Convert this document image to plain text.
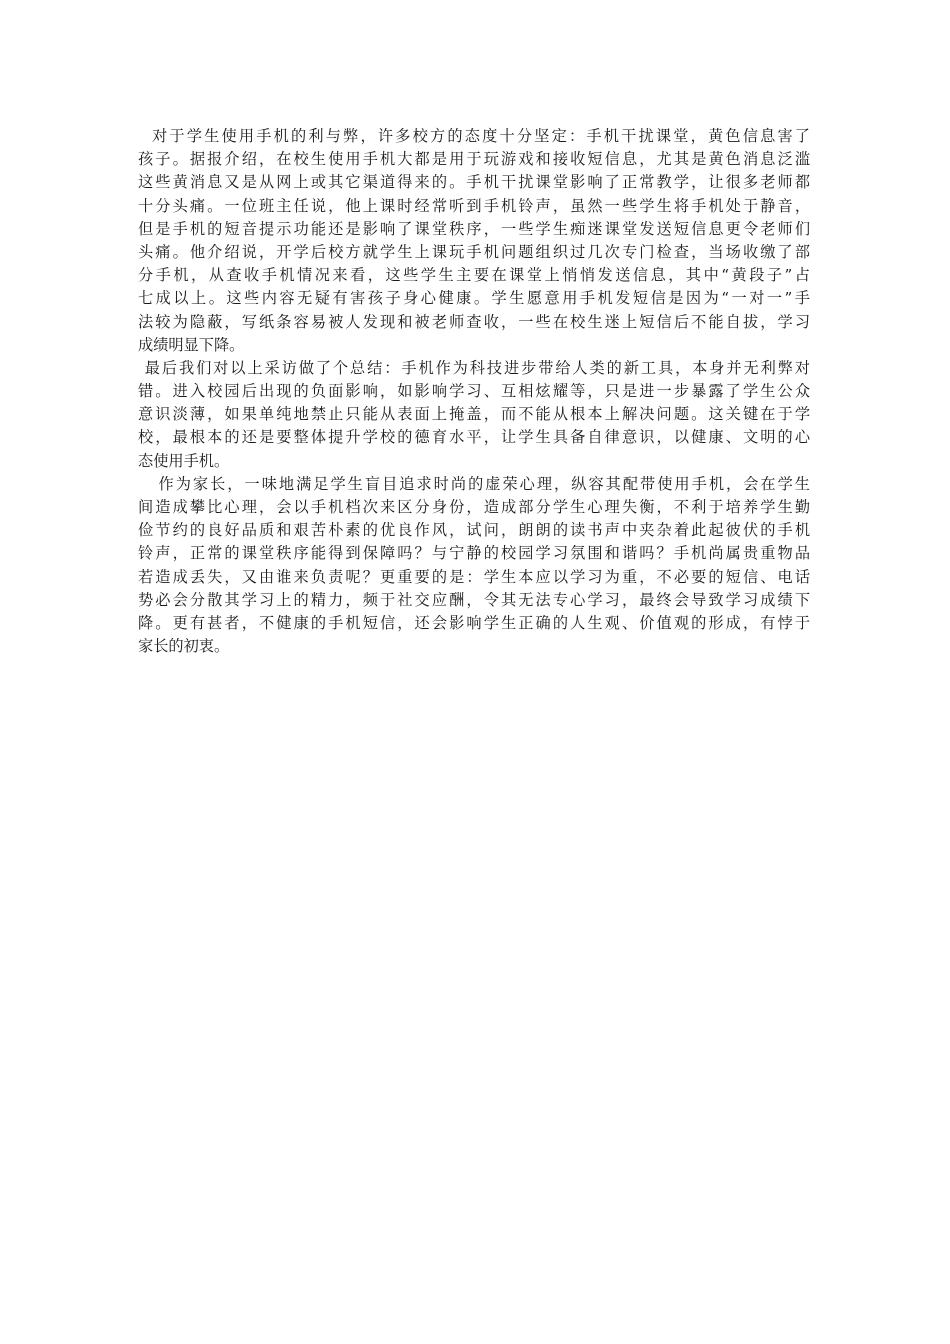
对于学生使用手机的利与弊，许多校方的态度十分坚定：手机干扰课堂，黄色信息害了
孩子。据报介绍，在校生使用手机大都是用于玩游戏和接收短信息，尤其是黄色消息泛滥
这些黄消息又是从网上或其它渠道得来的。手机干扰课堂影响了正常教学，让很多老师都
十分头痛。一位班主任说，他上课时经常听到手机铃声，虽然一些学生将手机处于静音，
但是手机的短音提示功能还是影响了课堂秩序，一些学生痴迷课堂发送短信息更令老师们
头痛。他介绍说，开学后校方就学生上课玩手机问题组织过几次专门检查，当场收缴了部
分手机，从查收手机情况来看，这些学生主要在课堂上悄悄发送信息，其中“黄段子”占
七成以上。这些内容无疑有害孩子身心健康。学生愿意用手机发短信是因为“一对一”手
法较为隐蔽，写纸条容易被人发现和被老师查收，一些在校生迷上短信后不能自拔，学习
成绩明显下降。
最后我们对以上采访做了个总结：手机作为科技进步带给人类的新工具，本身并无利弊对
错。进入校园后出现的负面影响，如影响学习、互相炫耀等，只是进一步暴露了学生公众
意识淡薄，如果单纯地禁止只能从表面上掩盖，而不能从根本上解决问题。这关键在于学
校，最根本的还是要整体提升学校的德育水平，让学生具备自律意识，以健康、文明的心
态使用手机。
作为家长，一味地满足学生盲目追求时尚的虚荣心理，纵容其配带使用手机，会在学生
间造成攀比心理，会以手机档次来区分身份，造成部分学生心理失衡，不利于培养学生勤
俭节约的良好品质和艰苦朴素的优良作风，试问，朗朗的读书声中夹杂着此起彼伏的手机
铃声，正常的课堂秩序能得到保障吗？与宁静的校园学习氛围和谐吗？手机尚属贵重物品
若造成丢失，又由谁来负责呢？更重要的是：学生本应以学习为重，不必要的短信、电话
势必会分散其学习上的精力，频于社交应酬，令其无法专心学习，最终会导致学习成绩下
降。更有甚者，不健康的手机短信，还会影响学生正确的人生观、价值观的形成，有悖于
家长的初衷。
